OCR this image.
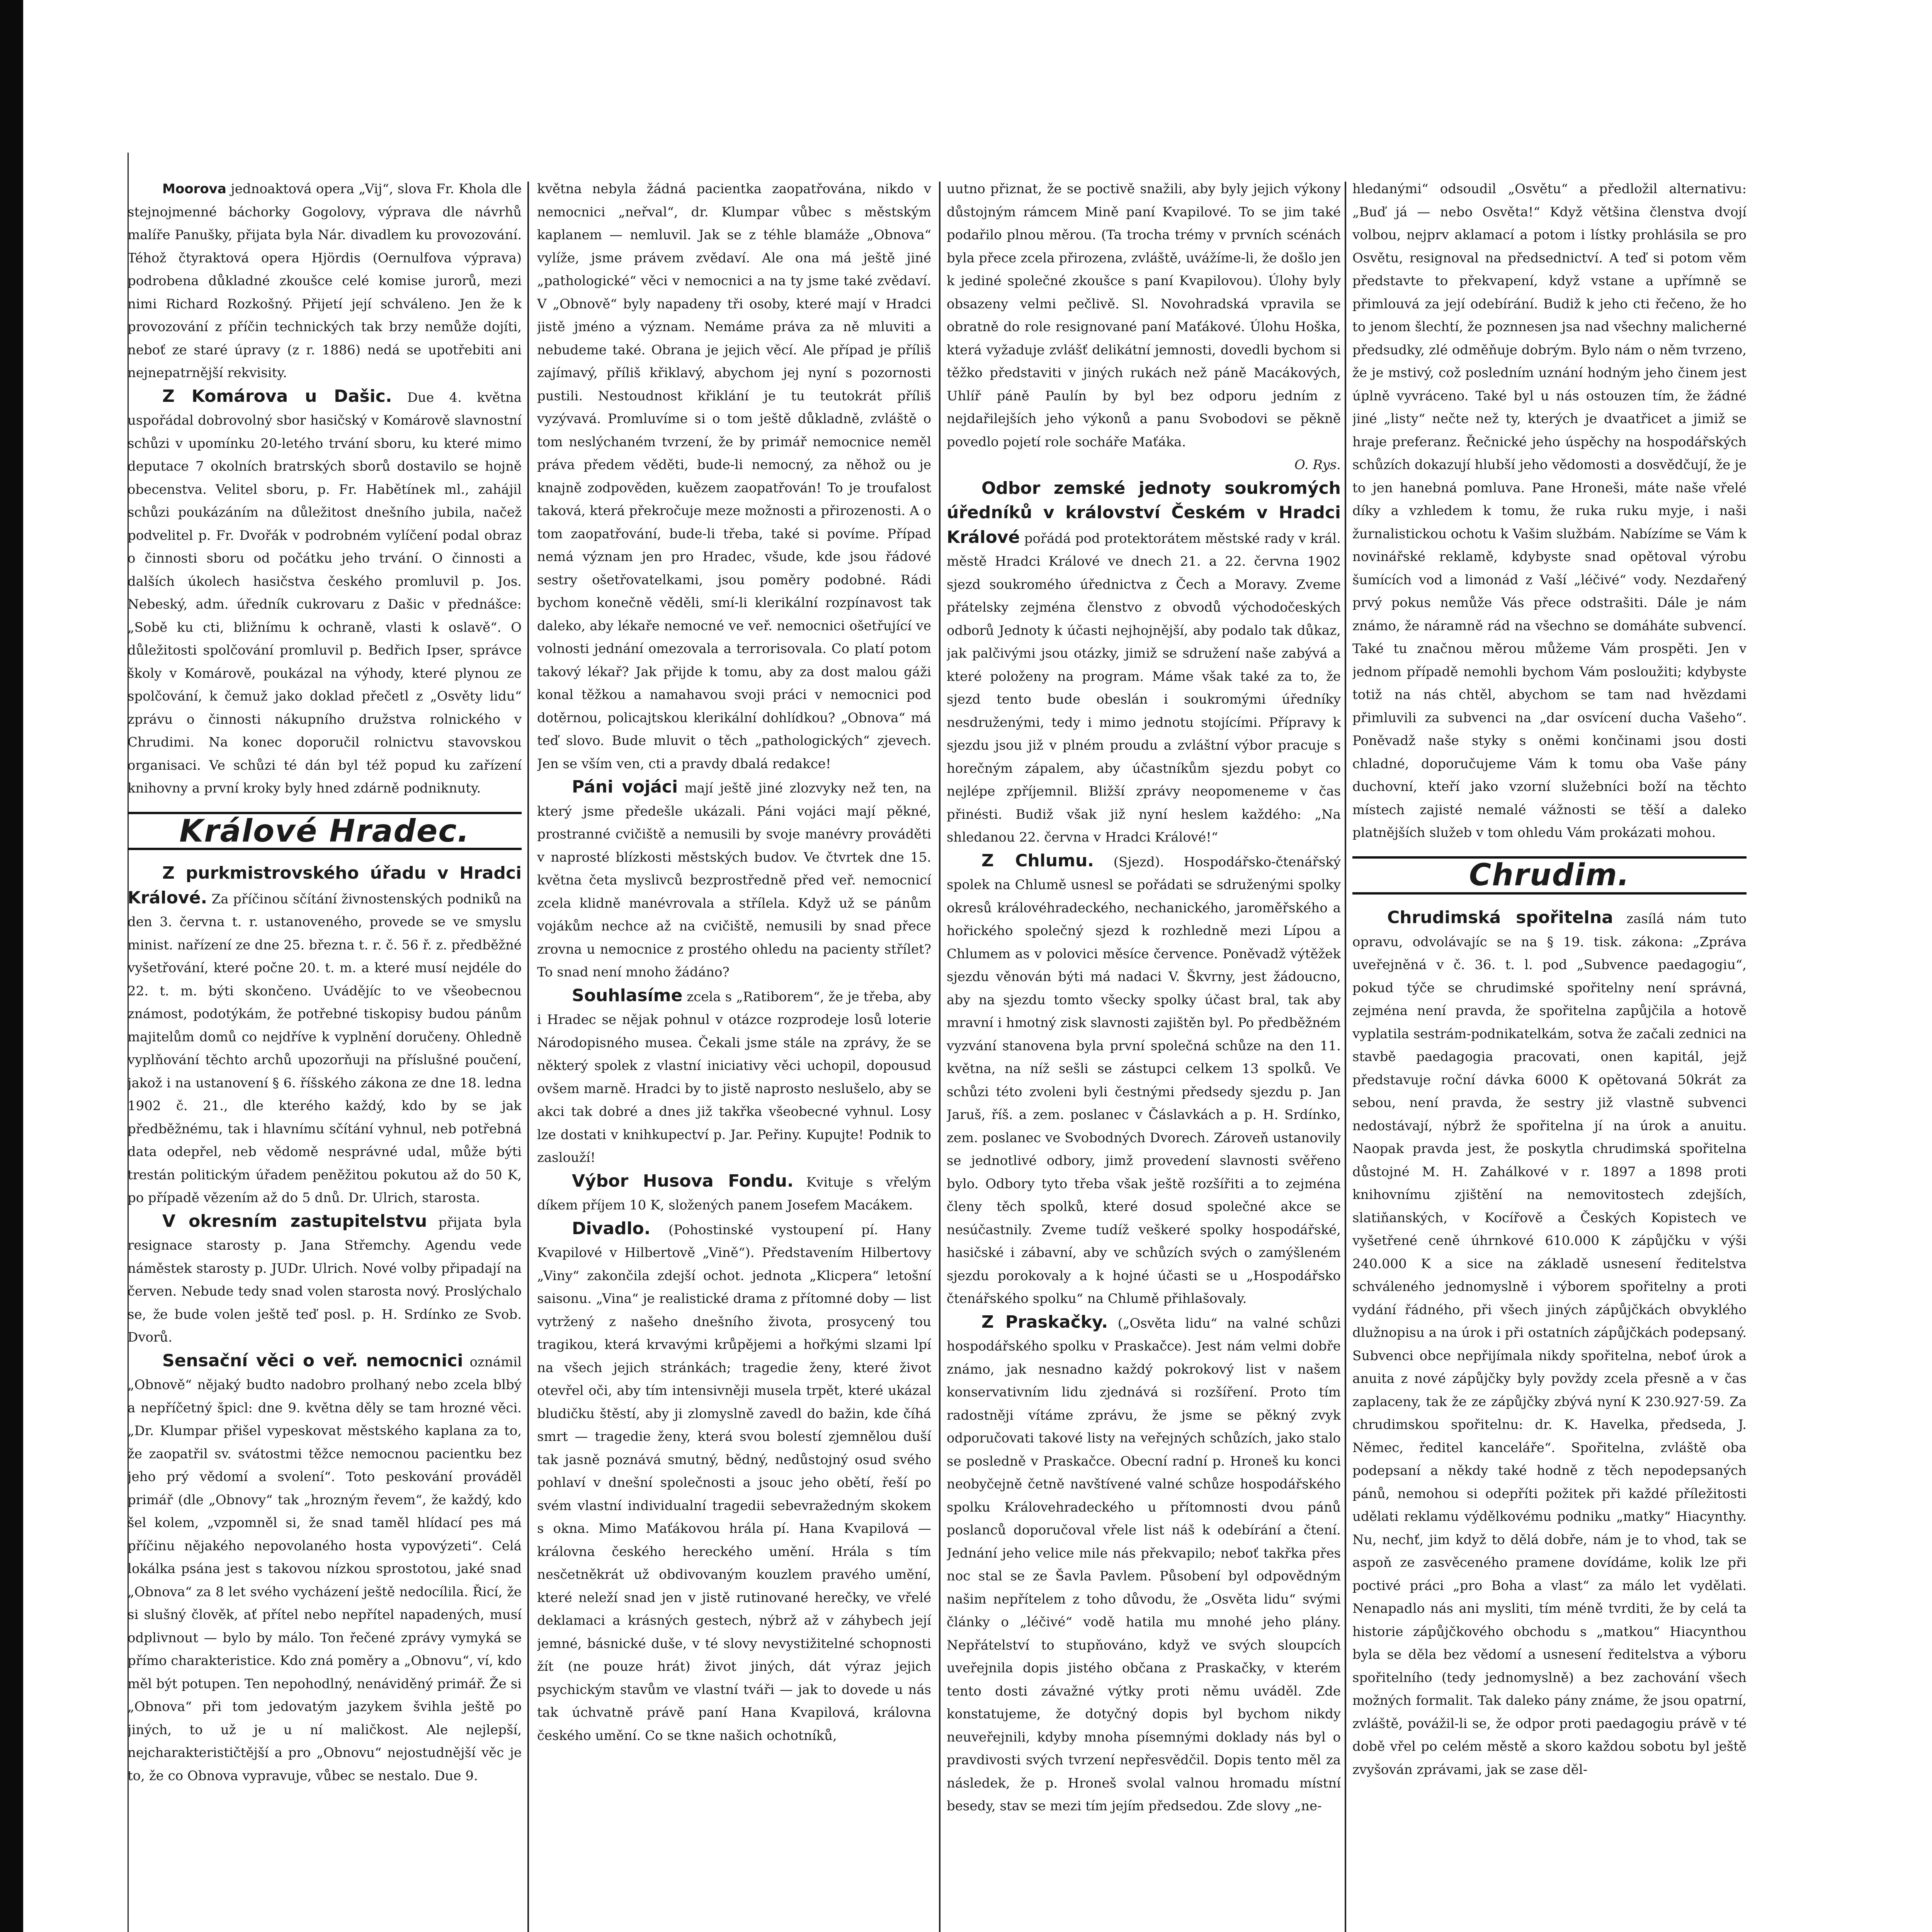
Moorova jednoaktová opera „Vij“, slova Fr. Khola dle stejnojmenné báchorky Gogolovy, výprava dle návrhů malíře Panušky, přijata byla Nár. divadlem ku provozování. Téhož čtyraktová opera Hjördis (Oernulfova výprava) podrobena důkladné zkoušce celé komise jurorů, mezi nimi Richard Rozkošný. Přijetí její schváleno. Jen že k provozování z příčin technických tak brzy nemůže dojíti, neboť ze staré úpravy (z r. 1886) nedá se upotřebiti ani nejnepatrnější rekvisity.

Z Komárova u Dašic. Due 4. května uspořádal dobrovolný sbor hasičský v Komárově slavnostní schůzi v upomínku 20-letého trvání sboru, ku které mimo deputace 7 okolních bratrských sborů dostavilo se hojně obecenstva. Velitel sboru, p. Fr. Habětínek ml., zahájil schůzi poukázáním na důležitost dnešního jubila, načež podvelitel p. Fr. Dvořák v podrobném vylíčení podal obraz o činnosti sboru od počátku jeho trvání. O činnosti a dalších úkolech hasičstva českého promluvil p. Jos. Nebeský, adm. úředník cukrovaru z Dašic v přednášce: „Sobě ku cti, bližnímu k ochraně, vlasti k oslavě“. O důležitosti spolčování promluvil p. Bedřich Ipser, správce školy v Komárově, poukázal na výhody, které plynou ze spolčování, k čemuž jako doklad přečetl z „Osvěty lidu“ zprávu o činnosti nákupního družstva rolnického v Chrudimi. Na konec doporučil rolnictvu stavovskou organisaci. Ve schůzi té dán byl též popud ku zařízení knihovny a první kroky byly hned zdárně podniknuty.

Králové Hradec.

Z purkmistrovského úřadu v Hradci Králové. Za příčinou sčítání živnostenských podniků na den 3. června t. r. ustanoveného, provede se ve smyslu minist. nařízení ze dne 25. března t. r. č. 56 ř. z. předběžné vyšetřování, které počne 20. t. m. a které musí nejdéle do 22. t. m. býti skončeno. Uvádějíc to ve všeobecnou známost, podotýkám, že potřebné tiskopisy budou pánům majitelům domů co nejdříve k vyplnění doručeny. Ohledně vyplňování těchto archů upozorňuji na příslušné poučení, jakož i na ustanovení § 6. říšského zákona ze dne 18. ledna 1902 č. 21., dle kterého každý, kdo by se jak předběžnému, tak i hlavnímu sčítání vyhnul, neb potřebná data odepřel, neb vědomě nesprávné udal, může býti trestán politickým úřadem peněžitou pokutou až do 50 K, po případě vězením až do 5 dnů. Dr. Ulrich, starosta.

V okresním zastupitelstvu přijata byla resignace starosty p. Jana Střemchy. Agendu vede náměstek starosty p. JUDr. Ulrich. Nové volby připadají na červen. Nebude tedy snad volen starosta nový. Proslýchalo se, že bude volen ještě teď posl. p. H. Srdínko ze Svob. Dvorů.

Sensační věci o veř. nemocnici oznámil „Obnově“ nějaký budto nadobro prolhaný nebo zcela blbý a nepříčetný špicl: dne 9. května děly se tam hrozné věci. „Dr. Klumpar přišel vypeskovat městského kaplana za to, že zaopatřil sv. svátostmi těžce nemocnou pacientku bez jeho prý vědomí a svolení“. Toto peskování prováděl primář (dle „Obnovy“ tak „hrozným řevem“, že každý, kdo šel kolem, „vzpomněl si, že snad taměl hlídací pes má příčinu nějakého nepovolaného hosta vypovýzeti“. Celá lokálka psána jest s takovou nízkou sprostotou, jaké snad „Obnova“ za 8 let svého vycházení ještě nedocílila. Řicí, že si slušný člověk, ať přítel nebo nepřítel napadených, musí odplivnout — bylo by málo. Ton řečené zprávy vymyká se přímo charakteristice. Kdo zná poměry a „Obnovu“, ví, kdo měl být potupen. Ten nepohodlný, nenáviděný primář. Že si „Obnova“ při tom jedovatým jazykem švihla ještě po jiných, to už je u ní maličkost. Ale nejlepší, nejcharakterističtější a pro „Obnovu“ nejostudnější věc je to, že co Obnova vypravuje, vůbec se nestalo. Due 9.

května nebyla žádná pacientka zaopatřována, nikdo v nemocnici „neřval“, dr. Klumpar vůbec s městským kaplanem — nemluvil. Jak se z téhle blamáže „Obnova“ vylíže, jsme právem zvědaví. Ale ona má ještě jiné „pathologické“ věci v nemocnici a na ty jsme také zvědaví. V „Obnově“ byly napadeny tři osoby, které mají v Hradci jistě jméno a význam. Nemáme práva za ně mluviti a nebudeme také. Obrana je jejich věcí. Ale případ je příliš zajímavý, příliš křiklavý, abychom jej nyní s pozornosti pustili. Nestoudnost křiklání je tu teutokrát příliš vyzývavá. Promluvíme si o tom ještě důkladně, zvláště o tom neslýchaném tvrzení, že by primář nemocnice neměl práva předem věděti, bude-li nemocný, za něhož ou je knajně zodpověden, kuězem zaopatřován! To je troufalost taková, která překročuje meze možnosti a přirozenosti. A o tom zaopatřování, bude-li třeba, také si povíme. Případ nemá význam jen pro Hradec, všude, kde jsou řádové sestry ošetřovatelkami, jsou poměry podobné. Rádi bychom konečně věděli, smí-li klerikální rozpínavost tak daleko, aby lékaře nemocné ve veř. nemocnici ošetřující ve volnosti jednání omezovala a terrorisovala. Co platí potom takový lékař? Jak přijde k tomu, aby za dost malou gáži konal těžkou a namahavou svoji práci v nemocnici pod dotěrnou, policajtskou klerikální dohlídkou? „Obnova“ má teď slovo. Bude mluvit o těch „pathologických“ zjevech. Jen se vším ven, cti a pravdy dbalá redakce!

Páni vojáci mají ještě jiné zlozvyky než ten, na který jsme předešle ukázali. Páni vojáci mají pěkné, prostranné cvičiště a nemusili by svoje manévry prováděti v naprosté blízkosti městských budov. Ve čtvrtek dne 15. května četa myslivců bezprostředně před veř. nemocnicí zcela klidně manévrovala a střílela. Když už se pánům vojákům nechce až na cvičiště, nemusili by snad přece zrovna u nemocnice z prostého ohledu na pacienty střílet? To snad není mnoho žádáno?

Souhlasíme zcela s „Ratiborem“, že je třeba, aby i Hradec se nějak pohnul v otázce rozprodeje losů loterie Národopisného musea. Čekali jsme stále na zprávy, že se některý spolek z vlastní iniciativy věci uchopil, dopousud ovšem marně. Hradci by to jistě naprosto neslušelo, aby se akci tak dobré a dnes již takřka všeobecné vyhnul. Losy lze dostati v knihkupectví p. Jar. Peřiny. Kupujte! Podnik to zaslouží!

Výbor Husova Fondu. Kvituje s vřelým díkem příjem 10 K, složených panem Josefem Macákem.

Divadlo. (Pohostinské vystoupení pí. Hany Kvapilové v Hilbertově „Vině“). Představením Hilbertovy „Viny“ zakončila zdejší ochot. jednota „Klicpera“ letošní saisonu. „Vina“ je realistické drama z přítomné doby — list vytržený z našeho dnešního života, prosycený tou tragikou, která krvavými krůpějemi a hořkými slzami lpí na všech jejich stránkách; tragedie ženy, které život otevřel oči, aby tím intensivněji musela trpět, které ukázal bludičku štěstí, aby ji zlomyslně zavedl do bažin, kde číhá smrt — tragedie ženy, která svou bolestí zjemnělou duší tak jasně poznává smutný, bědný, nedůstojný osud svého pohlaví v dnešní společnosti a jsouc jeho obětí, řeší po svém vlastní individualní tragedii sebevražedným skokem s okna. Mimo Maťákovou hrála pí. Hana Kvapilová — královna českého hereckého umění. Hrála s tím nesčetněkrát už obdivovaným kouzlem pravého umění, které neleží snad jen v jistě rutinované herečky, ve vřelé deklamaci a krásných gestech, nýbrž až v záhybech její jemné, básnické duše, v té slovy nevystižitelné schopnosti žít (ne pouze hrát) život jiných, dát výraz jejich psychickým stavům ve vlastní tváři — jak to dovede u nás tak úchvatně právě paní Hana Kvapilová, královna českého umění. Co se tkne našich ochotníků,

uutno přiznat, že se poctivě snažili, aby byly jejich výkony důstojným rámcem Mině paní Kvapilové. To se jim také podařilo plnou měrou. (Ta trocha trémy v prvních scénách byla přece zcela přirozena, zvláště, uvážíme-li, že došlo jen k jediné společné zkoušce s paní Kvapilovou). Úlohy byly obsazeny velmi pečlivě. Sl. Novohradská vpravila se obratně do role resignované paní Maťákové. Úlohu Hoška, která vyžaduje zvlášť delikátní jemnosti, dovedli bychom si těžko představiti v jiných rukách než páně Macákových, Uhlíř páně Paulín by byl bez odporu jedním z nejdařilejších jeho výkonů a panu Svobodovi se pěkně povedlo pojetí role socháře Maťáka.
O. Rys.

Odbor zemské jednoty soukromých úředníků v království Českém v Hradci Králové pořádá pod protektorátem městské rady v král. městě Hradci Králové ve dnech 21. a 22. června 1902 sjezd soukromého úřednictva z Čech a Moravy. Zveme přátelsky zejména členstvo z obvodů východočeských odborů Jednoty k účasti nejhojnější, aby podalo tak důkaz, jak palčivými jsou otázky, jimiž se sdružení naše zabývá a které položeny na program. Máme však také za to, že sjezd tento bude obeslán i soukromými úředníky nesdruženými, tedy i mimo jednotu stojícími. Přípravy k sjezdu jsou již v plném proudu a zvláštní výbor pracuje s horečným zápalem, aby účastníkům sjezdu pobyt co nejlépe zpříjemnil. Bližší zprávy neopomeneme v čas přinésti. Budiž však již nyní heslem každého: „Na shledanou 22. června v Hradci Králové!“

Z Chlumu. (Sjezd). Hospodářsko-čtenářský spolek na Chlumě usnesl se pořádati se sdruženými spolky okresů královéhradeckého, nechanického, jaroměřského a hořického společný sjezd k rozhledně mezi Lípou a Chlumem as v polovici měsíce července. Poněvadž výtěžek sjezdu věnován býti má nadaci V. Škvrny, jest žádoucno, aby na sjezdu tomto všecky spolky účast bral, tak aby mravní i hmotný zisk slavnosti zajištěn byl. Po předběžném vyzvání stanovena byla první společná schůze na den 11. května, na níž sešli se zástupci celkem 13 spolků. Ve schůzi této zvoleni byli čestnými předsedy sjezdu p. Jan Jaruš, říš. a zem. poslanec v Čáslavkách a p. H. Srdínko, zem. poslanec ve Svobodných Dvorech. Zároveň ustanovily se jednotlivé odbory, jimž provedení slavnosti svěřeno bylo. Odbory tyto třeba však ještě rozšířiti a to zejména členy těch spolků, které dosud společné akce se nesúčastnily. Zveme tudíž veškeré spolky hospodářské, hasičské i zábavní, aby ve schůzích svých o zamýšleném sjezdu porokovaly a k hojné účasti se u „Hospodářsko čtenářského spolku“ na Chlumě přihlašovaly.

Z Praskačky. („Osvěta lidu“ na valné schůzi hospodářského spolku v Praskačce). Jest nám velmi dobře známo, jak nesnadno každý pokrokový list v našem konservativním lidu zjednává si rozšíření. Proto tím radostněji vítáme zprávu, že jsme se pěkný zvyk odporučovati takové listy na veřejných schůzích, jako stalo se posledně v Praskačce. Obecní radní p. Hroneš ku konci neobyčejně četně navštívené valné schůze hospodářského spolku Královehradeckého u přítomnosti dvou pánů poslanců doporučoval vřele list náš k odebírání a čtení. Jednání jeho velice mile nás překvapilo; neboť takřka přes noc stal se ze Šavla Pavlem. Působení byl odpovědným našim nepřítelem z toho důvodu, že „Osvěta lidu“ svými články o „léčivé“ vodě hatila mu mnohé jeho plány. Nepřátelství to stupňováno, když ve svých sloupcích uveřejnila dopis jistého občana z Praskačky, v kterém tento dosti závažné výtky proti němu uváděl. Zde konstatujeme, že dotyčný dopis byl bychom nikdy neuveřejnili, kdyby mnoha písemnými doklady nás byl o pravdivosti svých tvrzení nepřesvědčil. Dopis tento měl za následek, že p. Hroneš svolal valnou hromadu místní besedy, stav se mezi tím jejím předsedou. Zde slovy „ne-

hledanými“ odsoudil „Osvětu“ a předložil alternativu: „Buď já — nebo Osvěta!“ Když většina členstva dvojí volbou, nejprv aklamací a potom i lístky prohlásila se pro Osvětu, resignoval na předsednictví. A teď si potom věm představte to překvapení, když vstane a upřímně se přimlouvá za její odebírání. Budiž k jeho cti řečeno, že ho to jenom šlechtí, že poznnesen jsa nad všechny malicherné předsudky, zlé odměňuje dobrým. Bylo nám o něm tvrzeno, že je mstivý, což posledním uznání hodným jeho činem jest úplně vyvráceno. Také byl u nás ostouzen tím, že žádné jiné „listy“ nečte než ty, kterých je dvaatřicet a jimiž se hraje preferanz. Řečnické jeho úspěchy na hospodářských schůzích dokazují hlubší jeho vědomosti a dosvědčují, že je to jen hanebná pomluva. Pane Hroneši, máte naše vřelé díky a vzhledem k tomu, že ruka ruku myje, i naši žurnalistickou ochotu k Vašim službám. Nabízíme se Vám k novinářské reklamě, kdybyste snad opětoval výrobu šumících vod a limonád z Vaší „léčivé“ vody. Nezdařený prvý pokus nemůže Vás přece odstrašiti. Dále je nám známo, že náramně rád na všechno se domáháte subvencí. Také tu značnou měrou můžeme Vám prospěti. Jen v jednom případě nemohli bychom Vám posloužiti; kdybyste totiž na nás chtěl, abychom se tam nad hvězdami přimluvili za subvenci na „dar osvícení ducha Vašeho“. Poněvadž naše styky s oněmi končinami jsou dosti chladné, doporučujeme Vám k tomu oba Vaše pány duchovní, kteří jako vzorní služebníci boží na těchto místech zajisté nemalé vážnosti se těší a daleko platnějších služeb v tom ohledu Vám prokázati mohou.

Chrudim.

Chrudimská spořitelna zasílá nám tuto opravu, odvolávajíc se na § 19. tisk. zákona: „Zpráva uveřejněná v č. 36. t. l. pod „Subvence paedagogiu“, pokud týče se chrudimské spořitelny není správná, zejména není pravda, že spořitelna zapůjčila a hotově vyplatila sestrám-podnikatelkám, sotva že začali zednici na stavbě paedagogia pracovati, onen kapitál, jejž představuje roční dávka 6000 K opětovaná 50krát za sebou, není pravda, že sestry již vlastně subvenci nedostávají, nýbrž že spořitelna jí na úrok a anuitu. Naopak pravda jest, že poskytla chrudimská spořitelna důstojné M. H. Zahálkové v r. 1897 a 1898 proti knihovnímu zjištění na nemovitostech zdejších, slatiňanských, v Kocířově a Českých Kopistech ve vyšetřené ceně úhrnkové 610.000 K zápůjčku v výši 240.000 K a sice na základě usnesení ředitelstva schváleného jednomyslně i výborem spořitelny a proti vydání řádného, při všech jiných zápůjčkách obvyklého dlužnopisu a na úrok i při ostatních zápůjčkách podepsaný. Subvenci obce nepřijímala nikdy spořitelna, neboť úrok a anuita z nové zápůjčky byly povždy zcela přesně a v čas zaplaceny, tak že ze zápůjčky zbývá nyní K 230.927·59. Za chrudimskou spořitelnu: dr. K. Havelka, předseda, J. Němec, ředitel kanceláře“. Spořitelna, zvláště oba podepsaní a někdy také hodně z těch nepodepsaných pánů, nemohou si odepříti požitek při každé příležitosti udělati reklamu výdělkovému podniku „matky“ Hiacynthy. Nu, nechť, jim když to dělá dobře, nám je to vhod, tak se aspoň ze zasvěceného pramene dovídáme, kolik lze při poctivé práci „pro Boha a vlast“ za málo let vydělati. Nenapadlo nás ani mysliti, tím méně tvrditi, že by celá ta historie zápůjčkového obchodu s „matkou“ Hiacynthou byla se děla bez vědomí a usnesení ředitelstva a výboru spořitelního (tedy jednomyslně) a bez zachování všech možných formalit. Tak daleko pány známe, že jsou opatrní, zvláště, povážil-li se, že odpor proti paedagogiu právě v té době vřel po celém městě a skoro každou sobotu byl ještě zvyšován zprávami, jak se zase děl-
